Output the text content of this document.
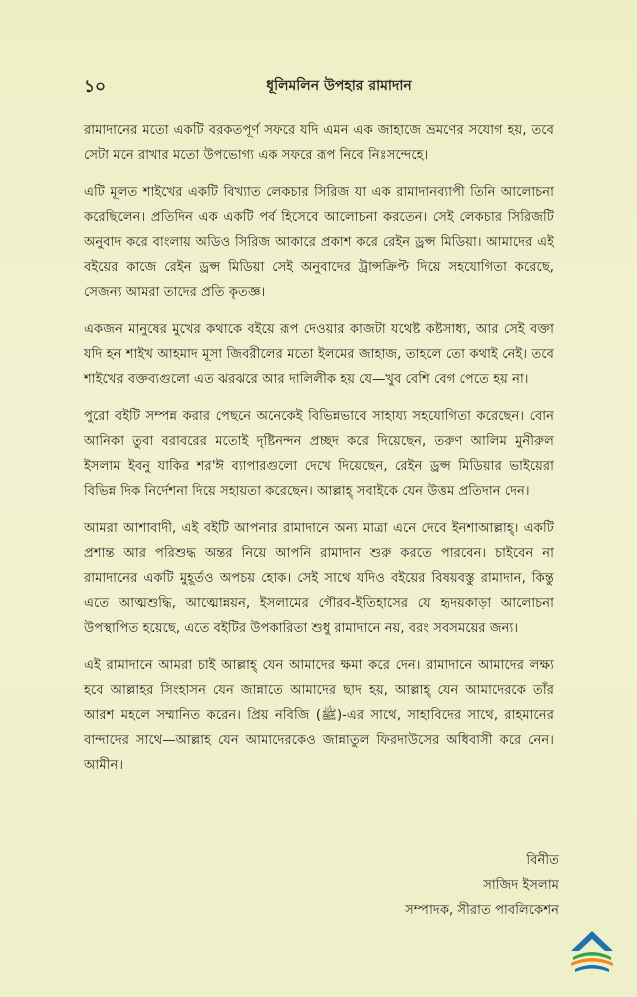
১০	ধূলিমলিন উপহার রামাদান

রামাদানের মতো একটি বরকতপূর্ণ সফরে যদি এমন এক জাহাজে ভ্রমণের সযোগ হয়, তবে সেটা মনে রাখার মতো উপভোগ্য এক সফরে রূপ নিবে নিঃসন্দেহে।

এটি মূলত শাইখের একটি বিখ্যাত লেকচার সিরিজ যা এক রামাদানব্যাপী তিনি আলোচনা করেছিলেন। প্রতিদিন এক একটি পর্ব হিসেবে আলোচনা করতেন। সেই লেকচার সিরিজটি অনুবাদ করে বাংলায় অডিও সিরিজ আকারে প্রকাশ করে রেইন ড্রপ্স মিডিয়া। আমাদের এই বইয়ের কাজে রেইন ড্রপ্স মিডিয়া সেই অনুবাদের ট্রান্সক্রিপ্ট দিয়ে সহযোগিতা করেছে, সেজন্য আমরা তাদের প্রতি কৃতজ্ঞ।

একজন মানুষের মুখের কথাকে বইয়ে রূপ দেওয়ার কাজটা যথেষ্ট কষ্টসাধ্য, আর সেই বক্তা যদি হন শাইখ আহমাদ মূসা জিবরীলের মতো ইলমের জাহাজ, তাহলে তো কথাই নেই। তবে শাইখের বক্তব্যগুলো এত ঝরঝরে আর দালিলীক হয় যে—খুব বেশি বেগ পেতে হয় না।

পুরো বইটি সম্পন্ন করার পেছনে অনেকেই বিভিন্নভাবে সাহায্য সহযোগিতা করেছেন। বোন আনিকা তুবা বরাবরের মতোই দৃষ্টিনন্দন প্রচ্ছদ করে দিয়েছেন, তরুণ আলিম মুনীরুল ইসলাম ইবনু যাকির শর'ঈ ব্যাপারগুলো দেখে দিয়েছেন, রেইন ড্রপ্স মিডিয়ার ভাইয়েরা বিভিন্ন দিক নির্দেশনা দিয়ে সহায়তা করেছেন। আল্লাহ্ সবাইকে যেন উত্তম প্রতিদান দেন।

আমরা আশাবাদী, এই বইটি আপনার রামাদানে অন্য মাত্রা এনে দেবে ইনশাআল্লাহ্। একটি প্রশান্ত আর পরিশুদ্ধ অন্তর নিয়ে আপনি রামাদান শুরু করতে পারবেন। চাইবেন না রামাদানের একটি মুহূর্তও অপচয় হোক। সেই সাথে যদিও বইয়ের বিষয়বস্তু রামাদান, কিন্তু এতে আত্মশুদ্ধি, আত্মোন্নয়ন, ইসলামের গৌরব-ইতিহাসের যে হৃদয়কাড়া আলোচনা উপস্থাপিত হয়েছে, এতে বইটির উপকারিতা শুধু রামাদানে নয়, বরং সবসময়ের জন্য।

এই রামাদানে আমরা চাই আল্লাহ্ যেন আমাদের ক্ষমা করে দেন। রামাদানে আমাদের লক্ষ্য হবে আল্লাহর সিংহাসন যেন জান্নাতে আমাদের ছাদ হয়, আল্লাহ্ যেন আমাদেরকে তাঁর আরশ মহলে সম্মানিত করেন। প্রিয় নবিজি (ﷺ)-এর সাথে, সাহাবিদের সাথে, রাহমানের বান্দাদের সাথে—আল্লাহ যেন আমাদেরকেও জান্নাতুল ফিরদাউসের অধিবাসী করে নেন। আমীন।

বিনীত
সাজিদ ইসলাম
সম্পাদক, সীরাত পাবলিকেশন
